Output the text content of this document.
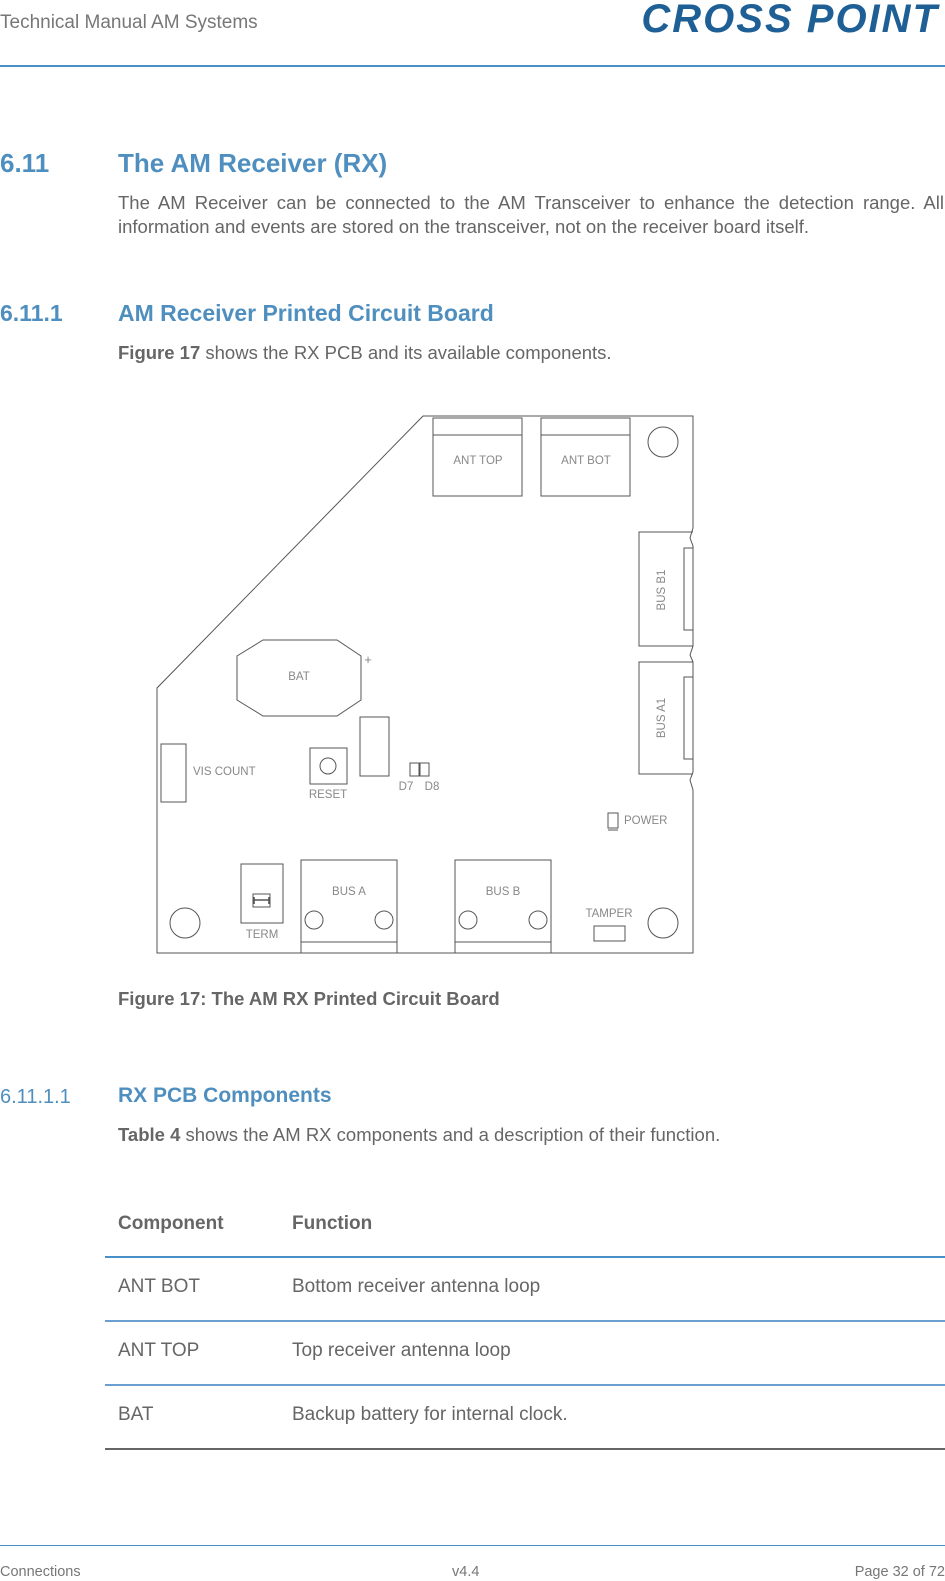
Technical Manual AM Systems	CROSS POINT
6.11	The AM Receiver (RX)
The AM Receiver can be connected to the AM Transceiver to enhance the detection range. All information and events are stored on the transceiver, not on the receiver board itself.
6.11.1 AM Receiver Printed Circuit Board
Figure 17 shows the RX PCB and its available components.
ANT TOP	ANT BOT
BUS B1
BUS A1
BAT
+
VIS COUNT
RESET
D7 D8
POWER
BUS A	BUS B
TAMPER
TERM
Figure 17: The AM RX Printed Circuit Board
6.11.1.1 RX PCB Components
Table 4 shows the AM RX components and a description of their function.
Component	Function
ANT BOT	Bottom receiver antenna loop
ANT TOP	Top receiver antenna loop
BAT	Backup battery for internal clock.
Connections	v4.4	Page 32 of 72
